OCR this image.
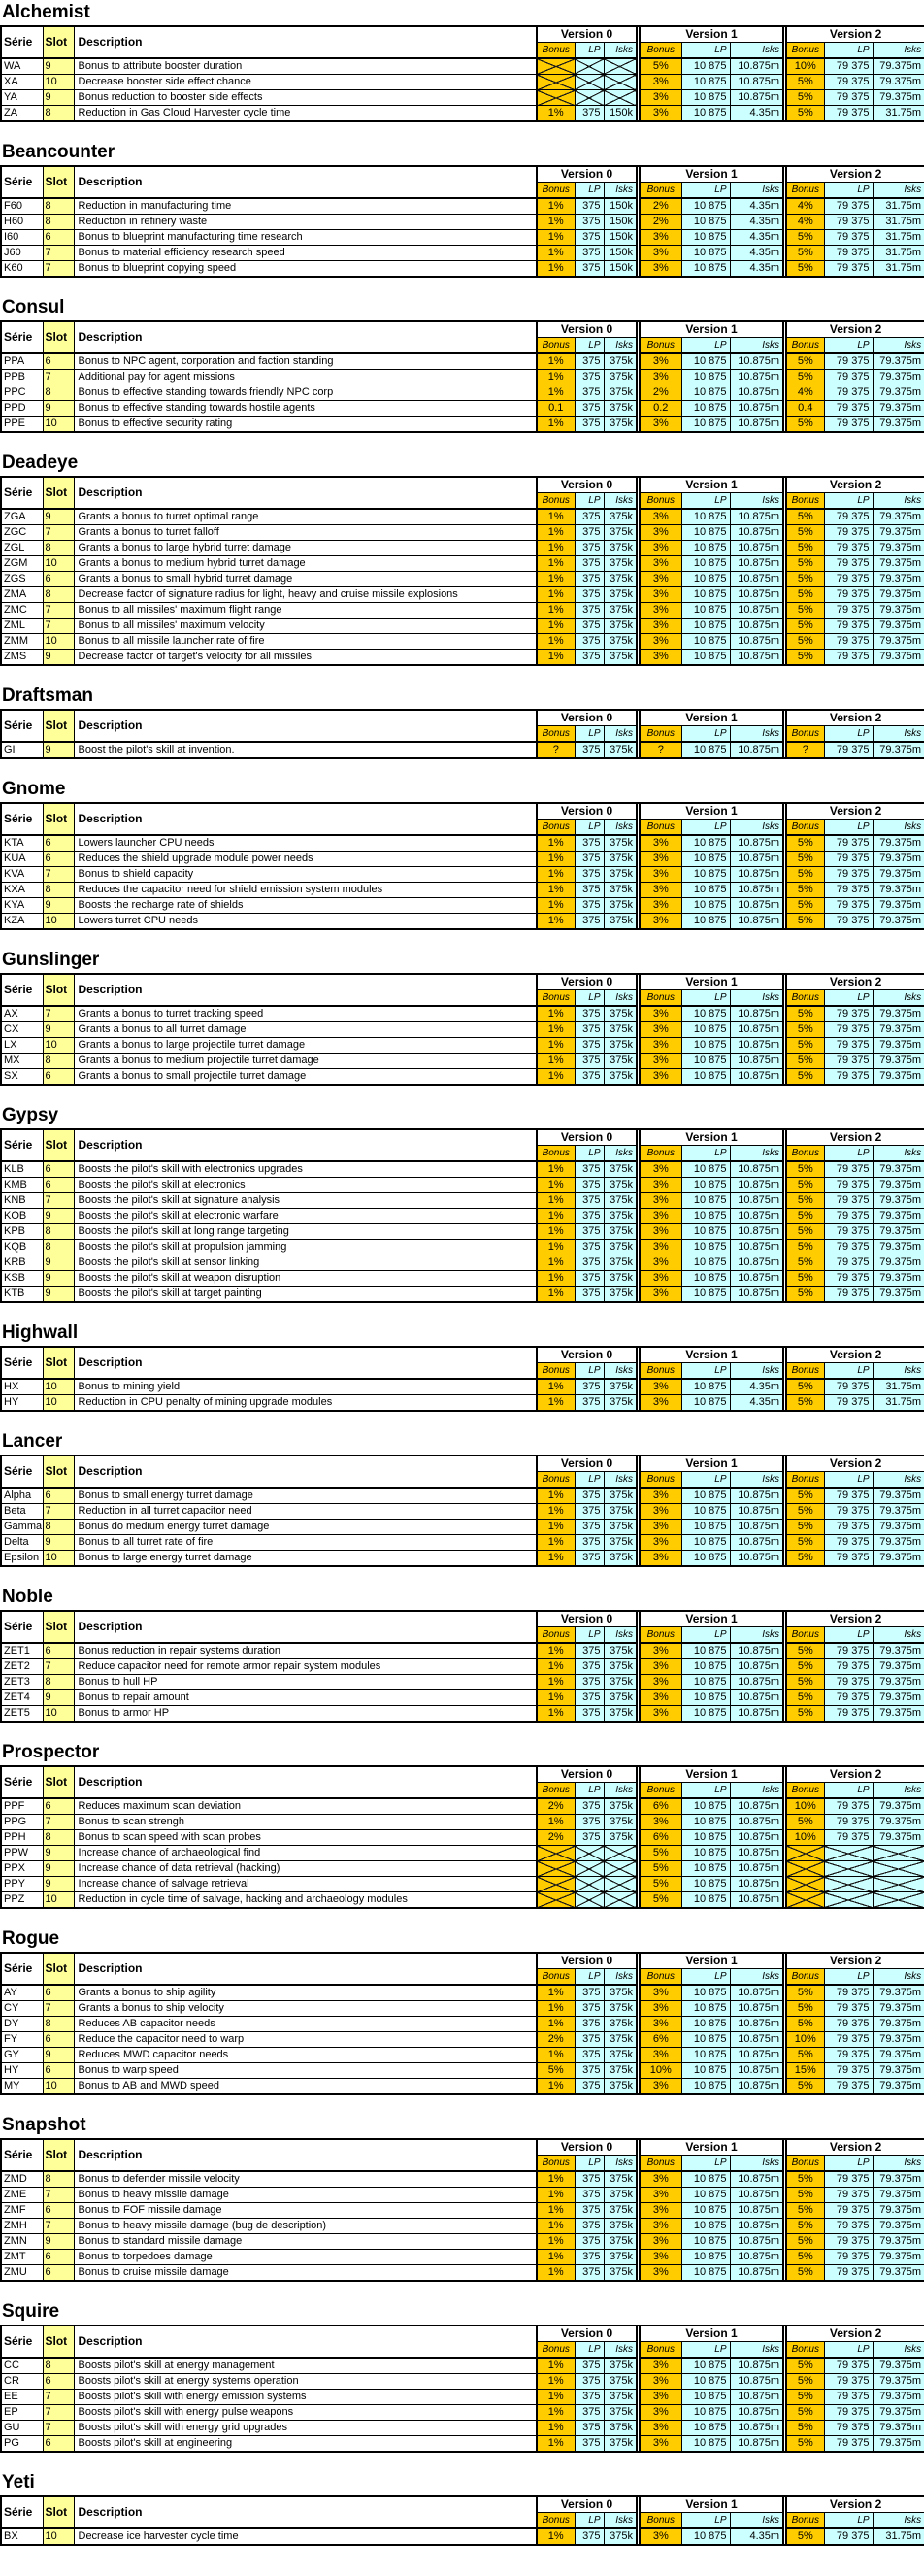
Alchemist
Série	Slot	Description	Version 0				Version 1				Version 2		
			Bonus	LP	Isks		Bonus	LP	Isks		Bonus	LP	Isks
WA	9	Bonus to attribute booster duration					5%	10 875	10.875m		10%	79 375	79.375m
XA	10	Decrease booster side effect chance					3%	10 875	10.875m		5%	79 375	79.375m
YA	9	Bonus reduction to booster side effects					3%	10 875	10.875m		5%	79 375	79.375m
ZA	8	Reduction in Gas Cloud Harvester cycle time	1%	375	150k		3%	10 875	4.35m		5%	79 375	31.75m
Beancounter
Série	Slot	Description	Version 0				Version 1				Version 2		
			Bonus	LP	Isks		Bonus	LP	Isks		Bonus	LP	Isks
F60	8	Reduction in manufacturing time	1%	375	150k		2%	10 875	4.35m		4%	79 375	31.75m
H60	8	Reduction in refinery waste	1%	375	150k		2%	10 875	4.35m		4%	79 375	31.75m
I60	6	Bonus to blueprint manufacturing time research	1%	375	150k		3%	10 875	4.35m		5%	79 375	31.75m
J60	7	Bonus to material efficiency research speed	1%	375	150k		3%	10 875	4.35m		5%	79 375	31.75m
K60	7	Bonus to blueprint copying speed	1%	375	150k		3%	10 875	4.35m		5%	79 375	31.75m
Consul
Série	Slot	Description	Version 0				Version 1				Version 2		
			Bonus	LP	Isks		Bonus	LP	Isks		Bonus	LP	Isks
PPA	6	Bonus to NPC agent, corporation and faction standing	1%	375	375k		3%	10 875	10.875m		5%	79 375	79.375m
PPB	7	Additional pay for agent missions	1%	375	375k		3%	10 875	10.875m		5%	79 375	79.375m
PPC	8	Bonus to effective standing towards friendly NPC corp	1%	375	375k		2%	10 875	10.875m		4%	79 375	79.375m
PPD	9	Bonus to effective standing towards hostile agents	0.1	375	375k		0.2	10 875	10.875m		0.4	79 375	79.375m
PPE	10	Bonus to effective security rating	1%	375	375k		3%	10 875	10.875m		5%	79 375	79.375m
Deadeye
Série	Slot	Description	Version 0				Version 1				Version 2		
			Bonus	LP	Isks		Bonus	LP	Isks		Bonus	LP	Isks
ZGA	9	Grants a bonus to turret optimal range	1%	375	375k		3%	10 875	10.875m		5%	79 375	79.375m
ZGC	7	Grants a bonus to turret falloff	1%	375	375k		3%	10 875	10.875m		5%	79 375	79.375m
ZGL	8	Grants a bonus to large hybrid turret damage	1%	375	375k		3%	10 875	10.875m		5%	79 375	79.375m
ZGM	10	Grants a bonus to medium hybrid turret damage	1%	375	375k		3%	10 875	10.875m		5%	79 375	79.375m
ZGS	6	Grants a bonus to small hybrid turret damage	1%	375	375k		3%	10 875	10.875m		5%	79 375	79.375m
ZMA	8	Decrease factor of signature radius for light, heavy and cruise missile explosions	1%	375	375k		3%	10 875	10.875m		5%	79 375	79.375m
ZMC	7	Bonus to all missiles' maximum flight range	1%	375	375k		3%	10 875	10.875m		5%	79 375	79.375m
ZML	7	Bonus to all missiles' maximum velocity	1%	375	375k		3%	10 875	10.875m		5%	79 375	79.375m
ZMM	10	Bonus to all missile launcher rate of fire	1%	375	375k		3%	10 875	10.875m		5%	79 375	79.375m
ZMS	9	Decrease factor of target's velocity for all missiles	1%	375	375k		3%	10 875	10.875m		5%	79 375	79.375m
Draftsman
Série	Slot	Description	Version 0				Version 1				Version 2		
			Bonus	LP	Isks		Bonus	LP	Isks		Bonus	LP	Isks
GI	9	Boost the pilot's skill at invention.	?	375	375k		?	10 875	10.875m		?	79 375	79.375m
Gnome
Série	Slot	Description	Version 0				Version 1				Version 2		
			Bonus	LP	Isks		Bonus	LP	Isks		Bonus	LP	Isks
KTA	6	Lowers launcher CPU needs	1%	375	375k		3%	10 875	10.875m		5%	79 375	79.375m
KUA	6	Reduces the shield upgrade module power needs	1%	375	375k		3%	10 875	10.875m		5%	79 375	79.375m
KVA	7	Bonus to shield capacity	1%	375	375k		3%	10 875	10.875m		5%	79 375	79.375m
KXA	8	Reduces the capacitor need for shield emission system modules	1%	375	375k		3%	10 875	10.875m		5%	79 375	79.375m
KYA	9	Boosts the recharge rate of shields	1%	375	375k		3%	10 875	10.875m		5%	79 375	79.375m
KZA	10	Lowers turret CPU needs	1%	375	375k		3%	10 875	10.875m		5%	79 375	79.375m
Gunslinger
Série	Slot	Description	Version 0				Version 1				Version 2		
			Bonus	LP	Isks		Bonus	LP	Isks		Bonus	LP	Isks
AX	7	Grants a bonus to turret tracking speed	1%	375	375k		3%	10 875	10.875m		5%	79 375	79.375m
CX	9	Grants a bonus to all turret damage	1%	375	375k		3%	10 875	10.875m		5%	79 375	79.375m
LX	10	Grants a bonus to large projectile turret damage	1%	375	375k		3%	10 875	10.875m		5%	79 375	79.375m
MX	8	Grants a bonus to medium projectile turret damage	1%	375	375k		3%	10 875	10.875m		5%	79 375	79.375m
SX	6	Grants a bonus to small projectile turret damage	1%	375	375k		3%	10 875	10.875m		5%	79 375	79.375m
Gypsy
Série	Slot	Description	Version 0				Version 1				Version 2		
			Bonus	LP	Isks		Bonus	LP	Isks		Bonus	LP	Isks
KLB	6	Boosts the pilot's skill with electronics upgrades	1%	375	375k		3%	10 875	10.875m		5%	79 375	79.375m
KMB	6	Boosts the pilot's skill at electronics	1%	375	375k		3%	10 875	10.875m		5%	79 375	79.375m
KNB	7	Boosts the pilot's skill at signature analysis	1%	375	375k		3%	10 875	10.875m		5%	79 375	79.375m
KOB	9	Boosts the pilot's skill at electronic warfare	1%	375	375k		3%	10 875	10.875m		5%	79 375	79.375m
KPB	8	Boosts the pilot's skill at long range targeting	1%	375	375k		3%	10 875	10.875m		5%	79 375	79.375m
KQB	8	Boosts the pilot's skill at propulsion jamming	1%	375	375k		3%	10 875	10.875m		5%	79 375	79.375m
KRB	9	Boosts the pilot's skill at sensor linking	1%	375	375k		3%	10 875	10.875m		5%	79 375	79.375m
KSB	9	Boosts the pilot's skill at weapon disruption	1%	375	375k		3%	10 875	10.875m		5%	79 375	79.375m
KTB	9	Boosts the pilot's skill at target painting	1%	375	375k		3%	10 875	10.875m		5%	79 375	79.375m
Highwall
Série	Slot	Description	Version 0				Version 1				Version 2		
			Bonus	LP	Isks		Bonus	LP	Isks		Bonus	LP	Isks
HX	10	Bonus to mining yield	1%	375	375k		3%	10 875	4.35m		5%	79 375	31.75m
HY	10	Reduction in CPU penalty of mining upgrade modules	1%	375	375k		3%	10 875	4.35m		5%	79 375	31.75m
Lancer
Série	Slot	Description	Version 0				Version 1				Version 2		
			Bonus	LP	Isks		Bonus	LP	Isks		Bonus	LP	Isks
Alpha	6	Bonus to small energy turret damage	1%	375	375k		3%	10 875	10.875m		5%	79 375	79.375m
Beta	7	Reduction in all turret capacitor need	1%	375	375k		3%	10 875	10.875m		5%	79 375	79.375m
Gamma	8	Bonus do medium energy turret damage	1%	375	375k		3%	10 875	10.875m		5%	79 375	79.375m
Delta	9	Bonus to all turret rate of fire	1%	375	375k		3%	10 875	10.875m		5%	79 375	79.375m
Epsilon	10	Bonus to large energy turret damage	1%	375	375k		3%	10 875	10.875m		5%	79 375	79.375m
Noble
Série	Slot	Description	Version 0				Version 1				Version 2		
			Bonus	LP	Isks		Bonus	LP	Isks		Bonus	LP	Isks
ZET1	6	Bonus reduction in repair systems duration	1%	375	375k		3%	10 875	10.875m		5%	79 375	79.375m
ZET2	7	Reduce capacitor need for remote armor repair system modules	1%	375	375k		3%	10 875	10.875m		5%	79 375	79.375m
ZET3	8	Bonus to hull HP	1%	375	375k		3%	10 875	10.875m		5%	79 375	79.375m
ZET4	9	Bonus to repair amount	1%	375	375k		3%	10 875	10.875m		5%	79 375	79.375m
ZET5	10	Bonus to armor HP	1%	375	375k		3%	10 875	10.875m		5%	79 375	79.375m
Prospector
Série	Slot	Description	Version 0				Version 1				Version 2		
			Bonus	LP	Isks		Bonus	LP	Isks		Bonus	LP	Isks
PPF	6	Reduces maximum scan deviation	2%	375	375k		6%	10 875	10.875m		10%	79 375	79.375m
PPG	7	Bonus to scan strengh	1%	375	375k		3%	10 875	10.875m		5%	79 375	79.375m
PPH	8	Bonus to scan speed with scan probes	2%	375	375k		6%	10 875	10.875m		10%	79 375	79.375m
PPW	9	Increase chance of archaeological find					5%	10 875	10.875m				
PPX	9	Increase chance of data retrieval (hacking)					5%	10 875	10.875m				
PPY	9	Increase chance of salvage retrieval					5%	10 875	10.875m				
PPZ	10	Reduction in cycle time of salvage, hacking and archaeology modules					5%	10 875	10.875m				
Rogue
Série	Slot	Description	Version 0				Version 1				Version 2		
			Bonus	LP	Isks		Bonus	LP	Isks		Bonus	LP	Isks
AY	6	Grants a bonus to ship agility	1%	375	375k		3%	10 875	10.875m		5%	79 375	79.375m
CY	7	Grants a bonus to ship velocity	1%	375	375k		3%	10 875	10.875m		5%	79 375	79.375m
DY	8	Reduces AB capacitor needs	1%	375	375k		3%	10 875	10.875m		5%	79 375	79.375m
FY	6	Reduce the capacitor need to warp	2%	375	375k		6%	10 875	10.875m		10%	79 375	79.375m
GY	9	Reduces MWD capacitor needs	1%	375	375k		3%	10 875	10.875m		5%	79 375	79.375m
HY	6	Bonus to warp speed	5%	375	375k		10%	10 875	10.875m		15%	79 375	79.375m
MY	10	Bonus to AB and MWD speed	1%	375	375k		3%	10 875	10.875m		5%	79 375	79.375m
Snapshot
Série	Slot	Description	Version 0				Version 1				Version 2		
			Bonus	LP	Isks		Bonus	LP	Isks		Bonus	LP	Isks
ZMD	8	Bonus to defender missile velocity	1%	375	375k		3%	10 875	10.875m		5%	79 375	79.375m
ZME	7	Bonus to heavy missile damage	1%	375	375k		3%	10 875	10.875m		5%	79 375	79.375m
ZMF	6	Bonus to FOF missile damage	1%	375	375k		3%	10 875	10.875m		5%	79 375	79.375m
ZMH	7	Bonus to heavy missile damage (bug de description)	1%	375	375k		3%	10 875	10.875m		5%	79 375	79.375m
ZMN	9	Bonus to standard missile damage	1%	375	375k		3%	10 875	10.875m		5%	79 375	79.375m
ZMT	6	Bonus to torpedoes damage	1%	375	375k		3%	10 875	10.875m		5%	79 375	79.375m
ZMU	6	Bonus to cruise missile damage	1%	375	375k		3%	10 875	10.875m		5%	79 375	79.375m
Squire
Série	Slot	Description	Version 0				Version 1				Version 2		
			Bonus	LP	Isks		Bonus	LP	Isks		Bonus	LP	Isks
CC	8	Boosts pilot's skill at energy management	1%	375	375k		3%	10 875	10.875m		5%	79 375	79.375m
CR	6	Boosts pilot's skill at energy systems operation	1%	375	375k		3%	10 875	10.875m		5%	79 375	79.375m
EE	7	Boosts pilot's skill with energy emission systems	1%	375	375k		3%	10 875	10.875m		5%	79 375	79.375m
EP	7	Boosts pilot's skill with energy pulse weapons	1%	375	375k		3%	10 875	10.875m		5%	79 375	79.375m
GU	7	Boosts pilot's skill with energy grid upgrades	1%	375	375k		3%	10 875	10.875m		5%	79 375	79.375m
PG	6	Boosts pilot's skill at engineering	1%	375	375k		3%	10 875	10.875m		5%	79 375	79.375m
Yeti
Série	Slot	Description	Version 0				Version 1				Version 2		
			Bonus	LP	Isks		Bonus	LP	Isks		Bonus	LP	Isks
BX	10	Decrease ice harvester cycle time	1%	375	375k		3%	10 875	4.35m		5%	79 375	31.75m
